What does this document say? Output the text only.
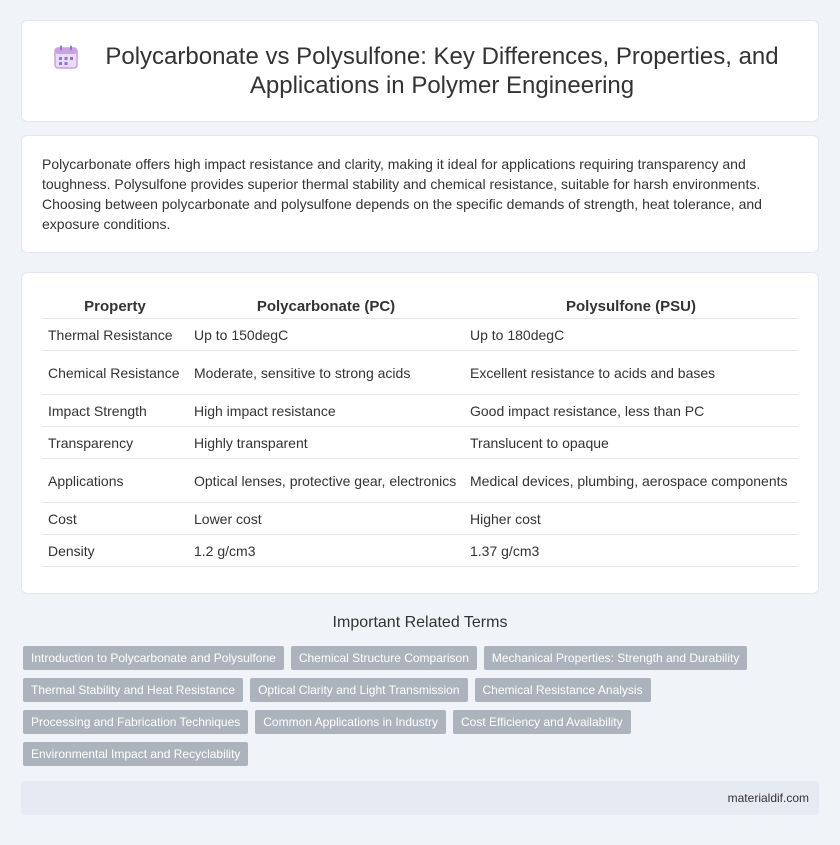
Polycarbonate vs Polysulfone: Key Differences, Properties, and Applications in Polymer Engineering

Polycarbonate offers high impact resistance and clarity, making it ideal for applications requiring transparency and toughness. Polysulfone provides superior thermal stability and chemical resistance, suitable for harsh environments. Choosing between polycarbonate and polysulfone depends on the specific demands of strength, heat tolerance, and exposure conditions.

Property	Polycarbonate (PC)	Polysulfone (PSU)
Thermal Resistance	Up to 150degC	Up to 180degC
Chemical Resistance	Moderate, sensitive to strong acids	Excellent resistance to acids and bases
Impact Strength	High impact resistance	Good impact resistance, less than PC
Transparency	Highly transparent	Translucent to opaque
Applications	Optical lenses, protective gear, electronics	Medical devices, plumbing, aerospace components
Cost	Lower cost	Higher cost
Density	1.2 g/cm3	1.37 g/cm3
Important Related Terms
Introduction to Polycarbonate and Polysulfone	Chemical Structure Comparison	Mechanical Properties: Strength and Durability
Thermal Stability and Heat Resistance	Optical Clarity and Light Transmission	Chemical Resistance Analysis
Processing and Fabrication Techniques	Common Applications in Industry	Cost Efficiency and Availability
Environmental Impact and Recyclability
materialdif.com
